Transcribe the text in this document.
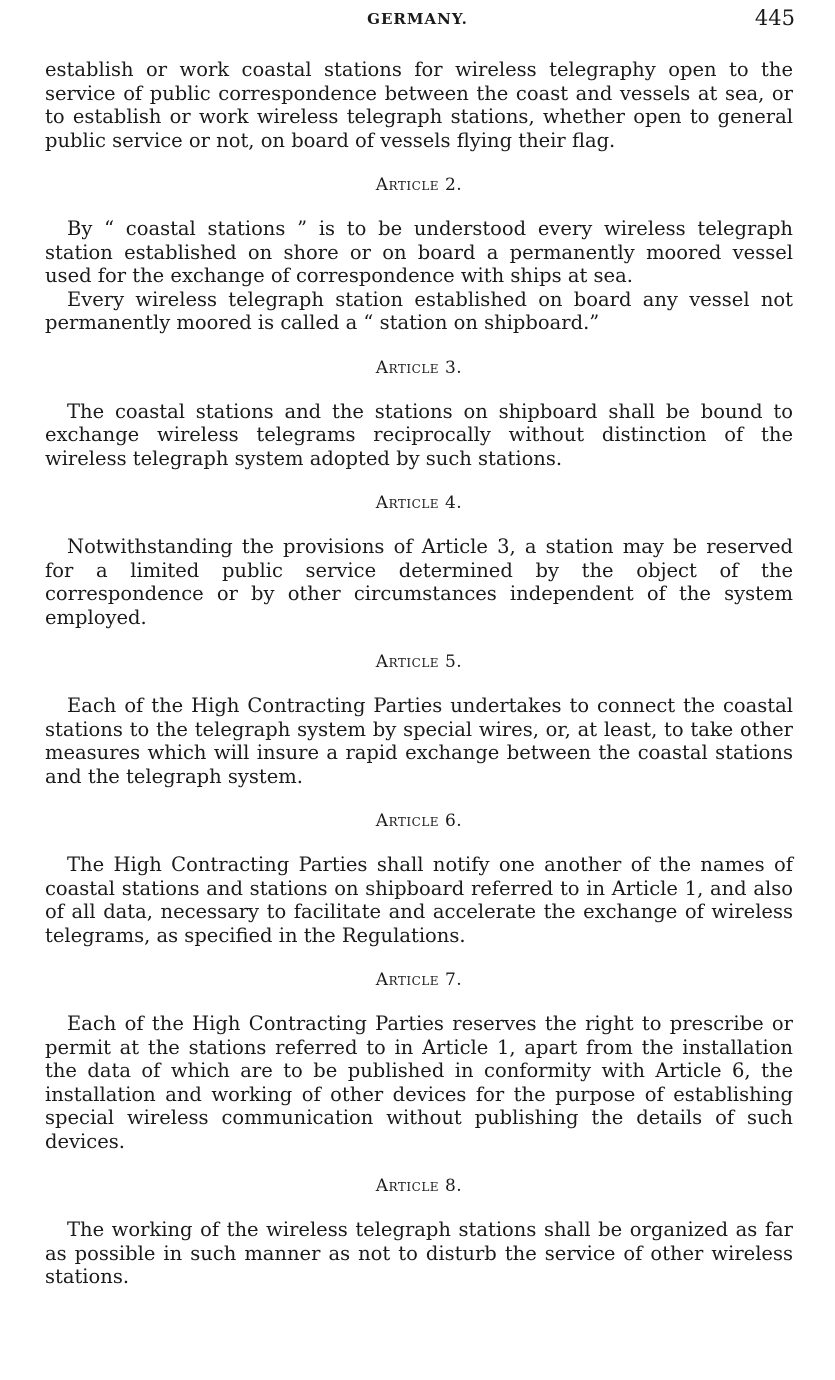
GERMANY.	445

establish or work coastal stations for wireless telegraphy open to the service of public correspondence between the coast and vessels at sea, or to establish or work wireless telegraph stations, whether open to general public service or not, on board of vessels flying their flag.

Article 2.

By “ coastal stations ” is to be understood every wireless telegraph station established on shore or on board a permanently moored vessel used for the exchange of correspondence with ships at sea.

Every wireless telegraph station established on board any vessel not permanently moored is called a “ station on shipboard.”

Article 3.

The coastal stations and the stations on shipboard shall be bound to exchange wireless telegrams reciprocally without distinction of the wireless telegraph system adopted by such stations.

Article 4.

Notwithstanding the provisions of Article 3, a station may be reserved for a limited public service determined by the object of the correspondence or by other circumstances independent of the system employed.

Article 5.

Each of the High Contracting Parties undertakes to connect the coastal stations to the telegraph system by special wires, or, at least, to take other measures which will insure a rapid exchange between the coastal stations and the telegraph system.

Article 6.

The High Contracting Parties shall notify one another of the names of coastal stations and stations on shipboard referred to in Article 1, and also of all data, necessary to facilitate and accelerate the exchange of wireless telegrams, as specified in the Regulations.

Article 7.

Each of the High Contracting Parties reserves the right to prescribe or permit at the stations referred to in Article 1, apart from the installation the data of which are to be published in conformity with Article 6, the installation and working of other devices for the purpose of establishing special wireless communication without publishing the details of such devices.

Article 8.

The working of the wireless telegraph stations shall be organized as far as possible in such manner as not to disturb the service of other wireless stations.
